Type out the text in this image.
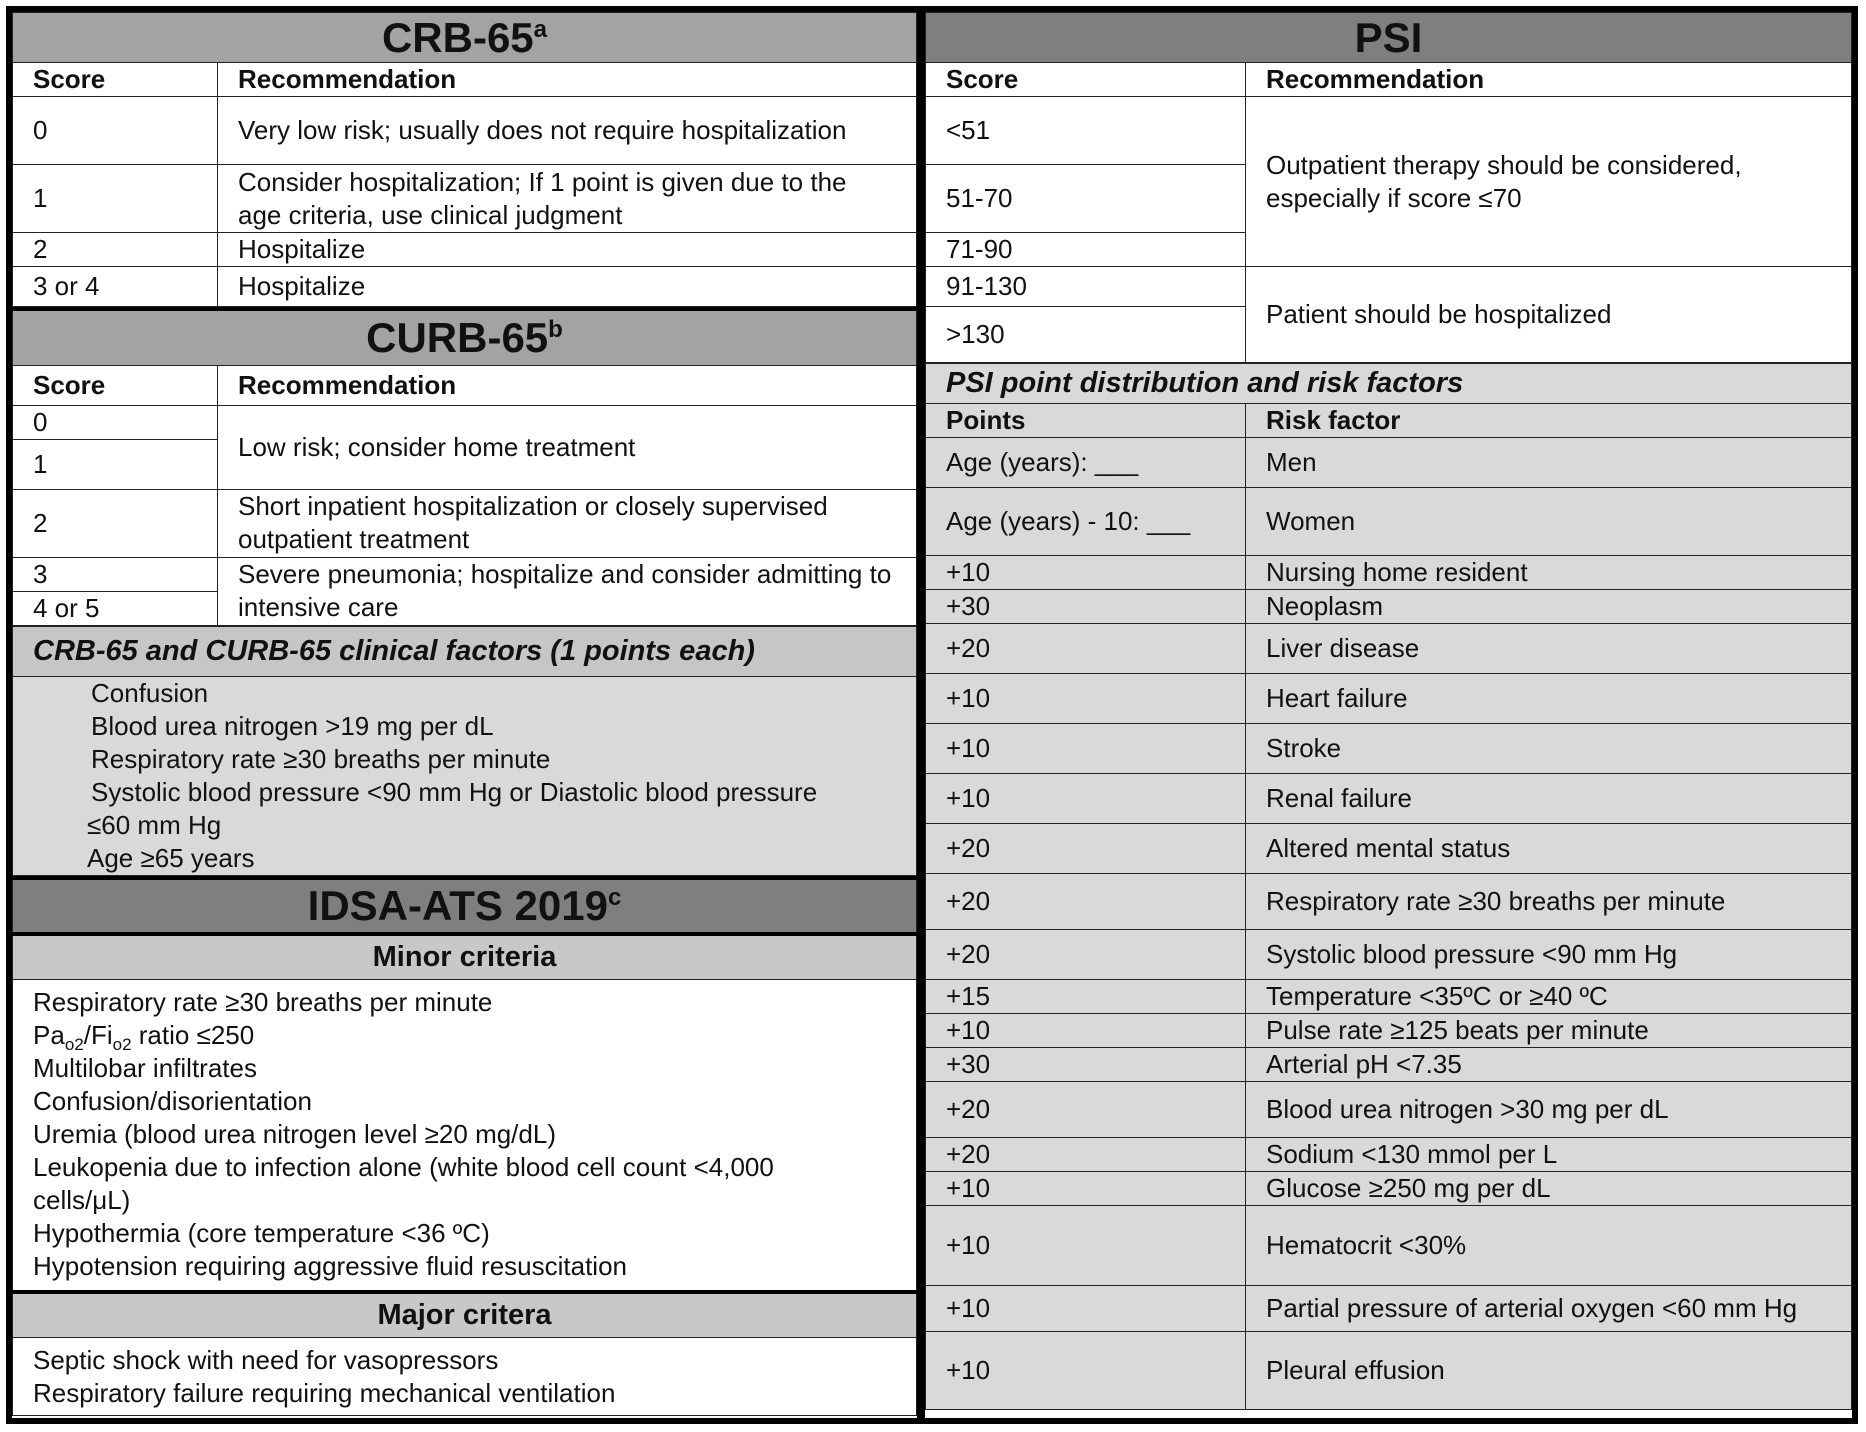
CRB-65$^a$
Score	Recommendation
0	Very low risk; usually does not require hospitalization
1	Consider hospitalization; If 1 point is given due to the age criteria, use clinical judgment
2	Hospitalize
3 or 4	Hospitalize
CURB-65$^b$
Score	Recommendation
0	Low risk; consider home treatment
1	
2	Short inpatient hospitalization or closely supervised outpatient treatment
3	Severe pneumonia; hospitalize and consider admitting to intensive care
4 or 5	
CRB-65 and CURB-65 clinical factors (1 points each)

Confusion
Blood urea nitrogen >19 mg per dL
Respiratory rate ≥30 breaths per minute
Systolic blood pressure <90 mm Hg or Diastolic blood pressure
≤60 mm Hg
Age ≥65 years
IDSA-ATS 2019$^c$
Minor criteria

Respiratory rate ≥30 breaths per minute
$Pa_{o2}/Fi_{o2}$ ratio ≤250
Multilobar infiltrates
Confusion/disorientation
Uremia (blood urea nitrogen level ≥20 mg/dL)
Leukopenia due to infection alone (white blood cell count <4,000
cells/μL)
Hypothermia (core temperature <36 ºC)
Hypotension requiring aggressive fluid resuscitation

Major critera

Septic shock with need for vasopressors
Respiratory failure requiring mechanical ventilation
PSI	
Score	Recommendation
<51	Outpatient therapy should be considered, especially if score ≤70
51-70	
71-90	
91-130	Patient should be hospitalized
>130	
PSI point distribution and risk factors	
Points	Risk factor
Age (years): ___	Men
Age (years) - 10: ___	Women
+10	Nursing home resident
+30	Neoplasm
+20	Liver disease
+10	Heart failure
+10	Stroke
+10	Renal failure
+20	Altered mental status
+20	Respiratory rate ≥30 breaths per minute
+20	Systolic blood pressure <90 mm Hg
+15	Temperature <35ºC or ≥40 ºC
+10	Pulse rate ≥125 beats per minute
+30	Arterial pH <7.35
+20	Blood urea nitrogen >30 mg per dL
+20	Sodium <130 mmol per L
+10	Glucose ≥250 mg per dL
+10	Hematocrit <30%
+10	Partial pressure of arterial oxygen <60 mm Hg
+10	Pleural effusion
